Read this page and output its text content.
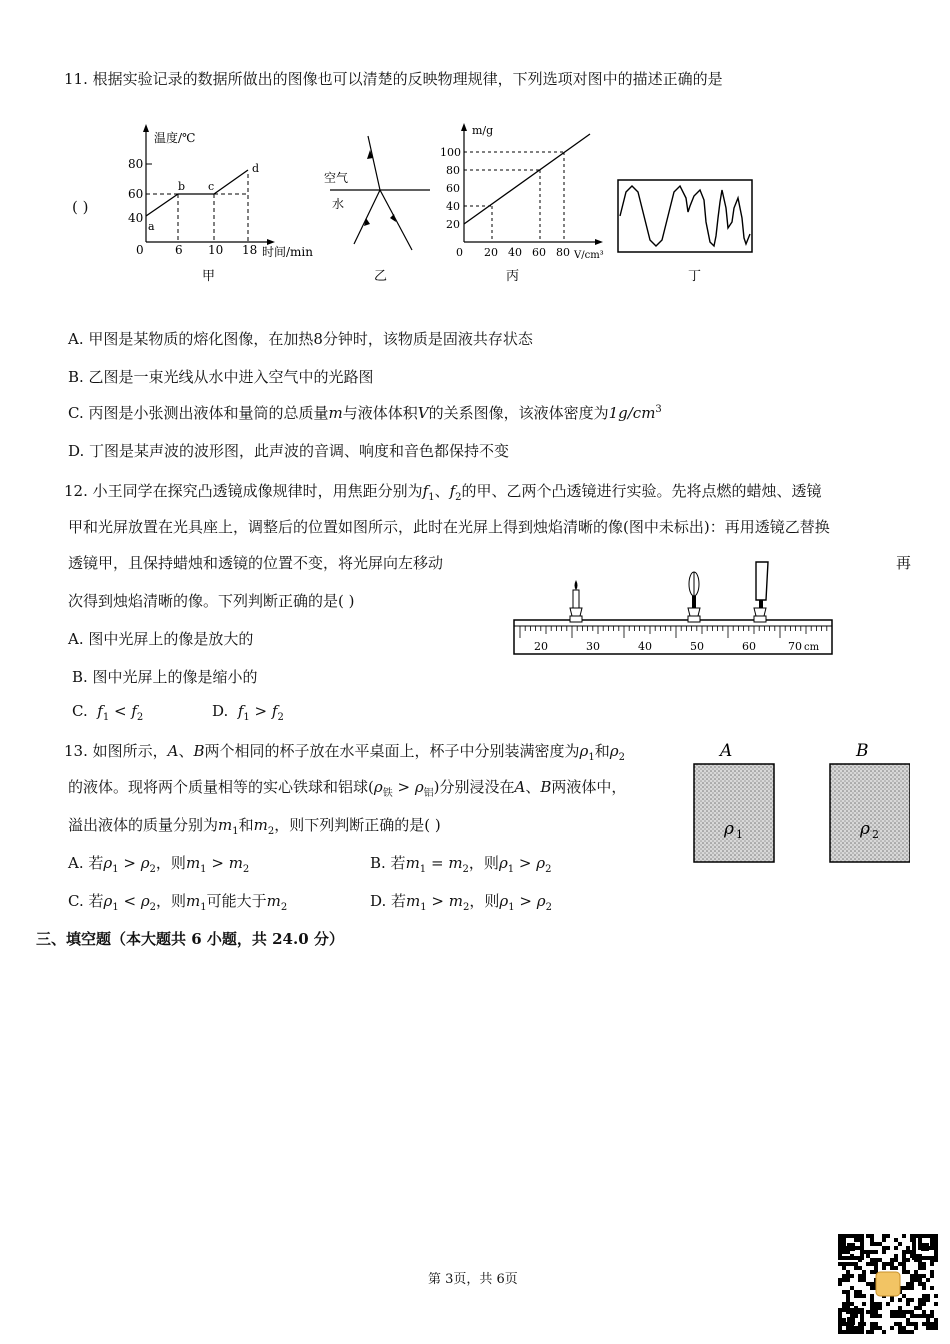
11. 根据实验记录的数据所做出的图像也可以清楚的反映物理规律，下列选项对图中的描述正确的是
( )
温度/℃
时间/min
80
60
40
0	6 10 18
a
b c
d
甲
空气
水
乙
m/g
V/cm³
100
80
60
40
20
0 20 40 60 80
丙	丁
A. 甲图是某物质的熔化图像，在加热8分钟时，该物质是固液共存状态
B. 乙图是一束光线从水中进入空气中的光路图
C. 丙图是小张测出液体和量筒的总质量m与液体体积V的关系图像，该液体密度为$1g/cm^3$
D. 丁图是某声波的波形图，此声波的音调、响度和音色都保持不变
12. 小王同学在探究凸透镜成像规律时，用焦距分别为$f_1$、$f_2$的甲、乙两个凸透镜进行实验。先将点燃的蜡烛、透镜
甲和光屏放置在光具座上，调整后的位置如图所示，此时在光屏上得到烛焰清晰的像(图中未标出)：再用透镜乙替换
透镜甲，且保持蜡烛和透镜的位置不变，将光屏向左移动	再
次得到烛焰清晰的像。下列判断正确的是( )
A. 图中光屏上的像是放大的
B. 图中光屏上的像是缩小的
C. $f_1 < f_2$	D. $f_1 > f_2$
20	30	40	50	60	70 cm
13. 如图所示，A、B两个相同的杯子放在水平桌面上，杯子中分别装满密度为$\rho_1$和$\rho_2$
的液体。现将两个质量相等的实心铁球和铝球$(\rho_铁 > \rho_铝)$分别浸没在A、B两液体中，
溢出液体的质量分别为$m_1$和$m_2$，则下列判断正确的是( )
A. 若$\rho_1 > \rho_2$，则$m_1 > m_2$	B. 若$m_1 = m_2$，则$\rho_1 > \rho_2$
C. 若$\rho_1 < \rho_2$，则$m_1$可能大于$m_2$	D. 若$m_1 > m_2$，则$\rho_1 > \rho_2$
A	B
ρ 1	ρ 2
三、填空题（本大题共 6 小题，共 24.0 分）
第 3页，共 6页
